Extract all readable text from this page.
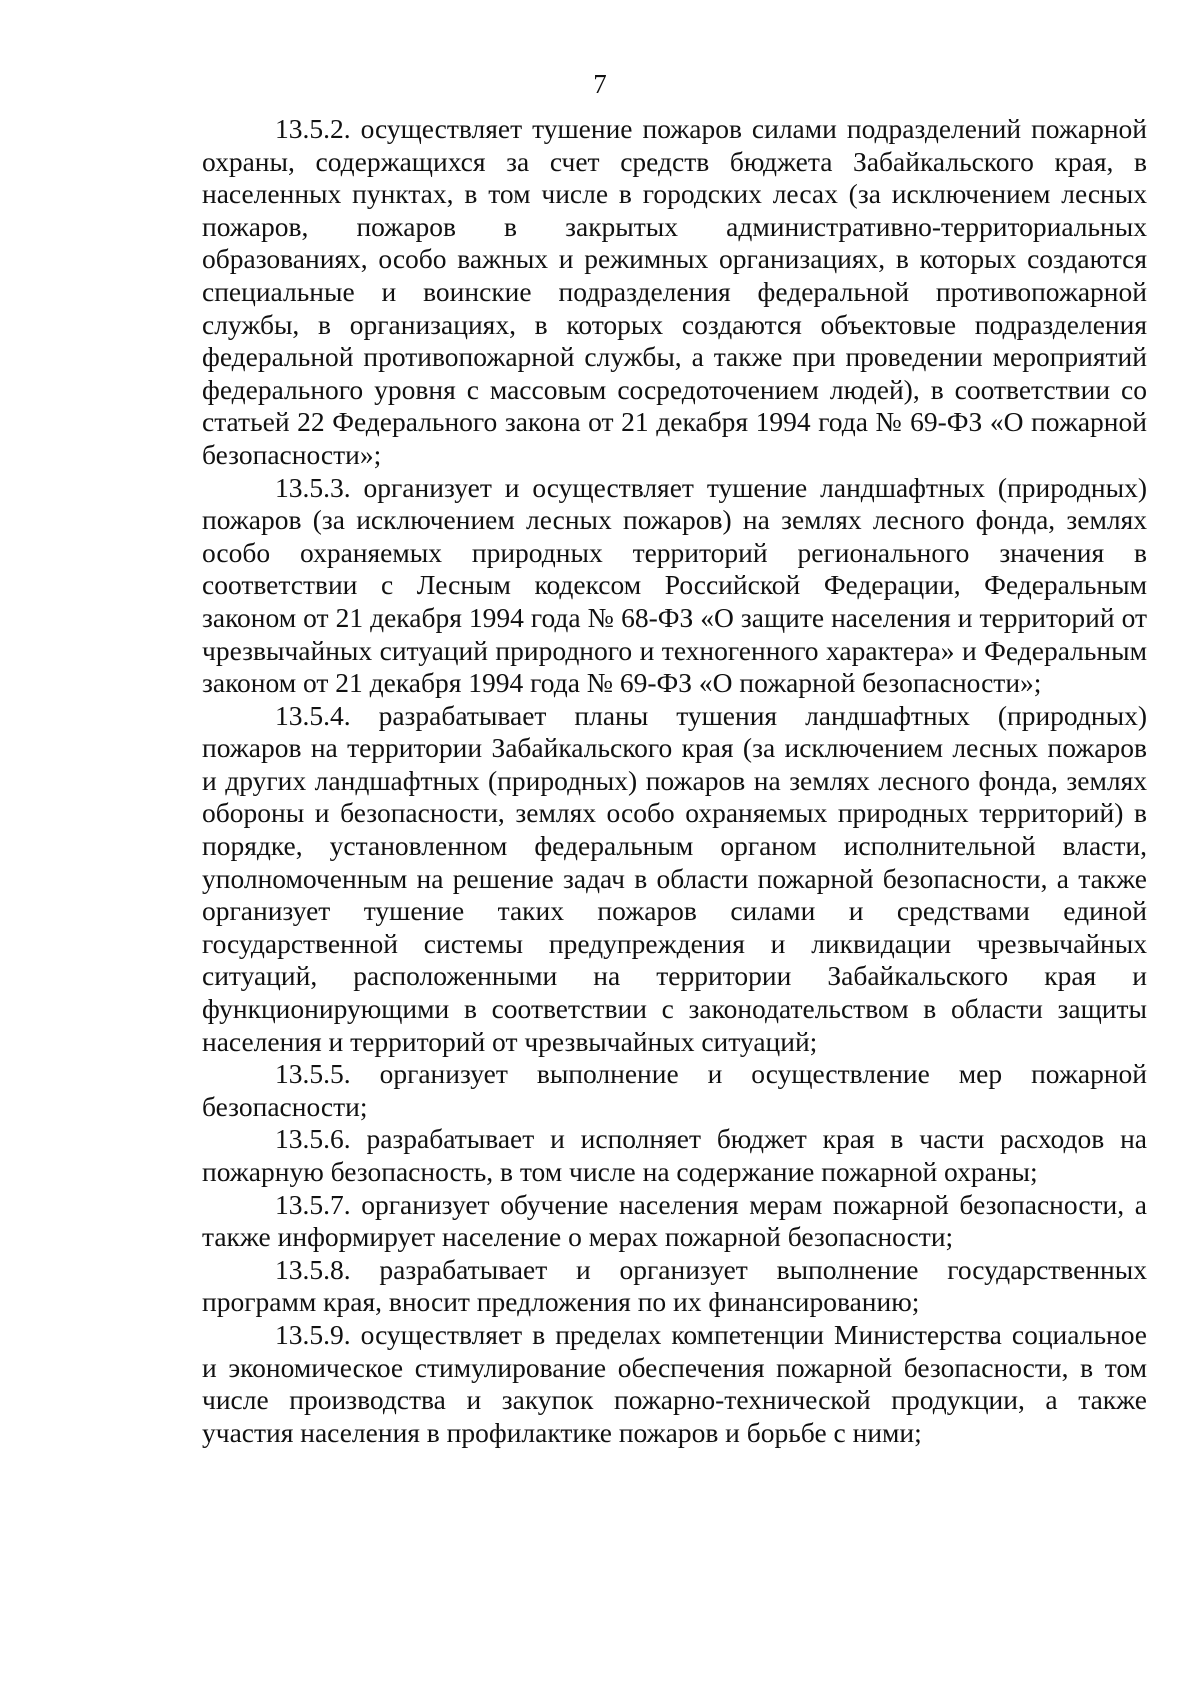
7

13.5.2. осуществляет тушение пожаров силами подразделений пожарной охраны, содержащихся за счет средств бюджета Забайкальского края, в населенных пунктах, в том числе в городских лесах (за исключением лесных пожаров, пожаров в закрытых административно-территориальных образованиях, особо важных и режимных организациях, в которых создаются специальные и воинские подразделения федеральной противопожарной службы, в организациях, в которых создаются объектовые подразделения федеральной противопожарной службы, а также при проведении мероприятий федерального уровня с массовым сосредоточением людей), в соответствии со статьей 22 Федерального закона от 21 декабря 1994 года № 69-ФЗ «О пожарной безопасности»;

13.5.3. организует и осуществляет тушение ландшафтных (природных) пожаров (за исключением лесных пожаров) на землях лесного фонда, землях особо охраняемых природных территорий регионального значения в соответствии с Лесным кодексом Российской Федерации, Федеральным законом от 21 декабря 1994 года № 68-ФЗ «О защите населения и территорий от чрезвычайных ситуаций природного и техногенного характера» и Федеральным законом от 21 декабря 1994 года № 69-ФЗ «О пожарной безопасности»;

13.5.4. разрабатывает планы тушения ландшафтных (природных) пожаров на территории Забайкальского края (за исключением лесных пожаров и других ландшафтных (природных) пожаров на землях лесного фонда, землях обороны и безопасности, землях особо охраняемых природных территорий) в порядке, установленном федеральным органом исполнительной власти, уполномоченным на решение задач в области пожарной безопасности, а также организует тушение таких пожаров силами и средствами единой государственной системы предупреждения и ликвидации чрезвычайных ситуаций, расположенными на территории Забайкальского края и функционирующими в соответствии с законодательством в области защиты населения и территорий от чрезвычайных ситуаций;

13.5.5. организует выполнение и осуществление мер пожарной безопасности;

13.5.6. разрабатывает и исполняет бюджет края в части расходов на пожарную безопасность, в том числе на содержание пожарной охраны;

13.5.7. организует обучение населения мерам пожарной безопасности, а также информирует население о мерах пожарной безопасности;

13.5.8. разрабатывает и организует выполнение государственных программ края, вносит предложения по их финансированию;

13.5.9. осуществляет в пределах компетенции Министерства социальное и экономическое стимулирование обеспечения пожарной безопасности, в том числе производства и закупок пожарно-технической продукции, а также участия населения в профилактике пожаров и борьбе с ними;
